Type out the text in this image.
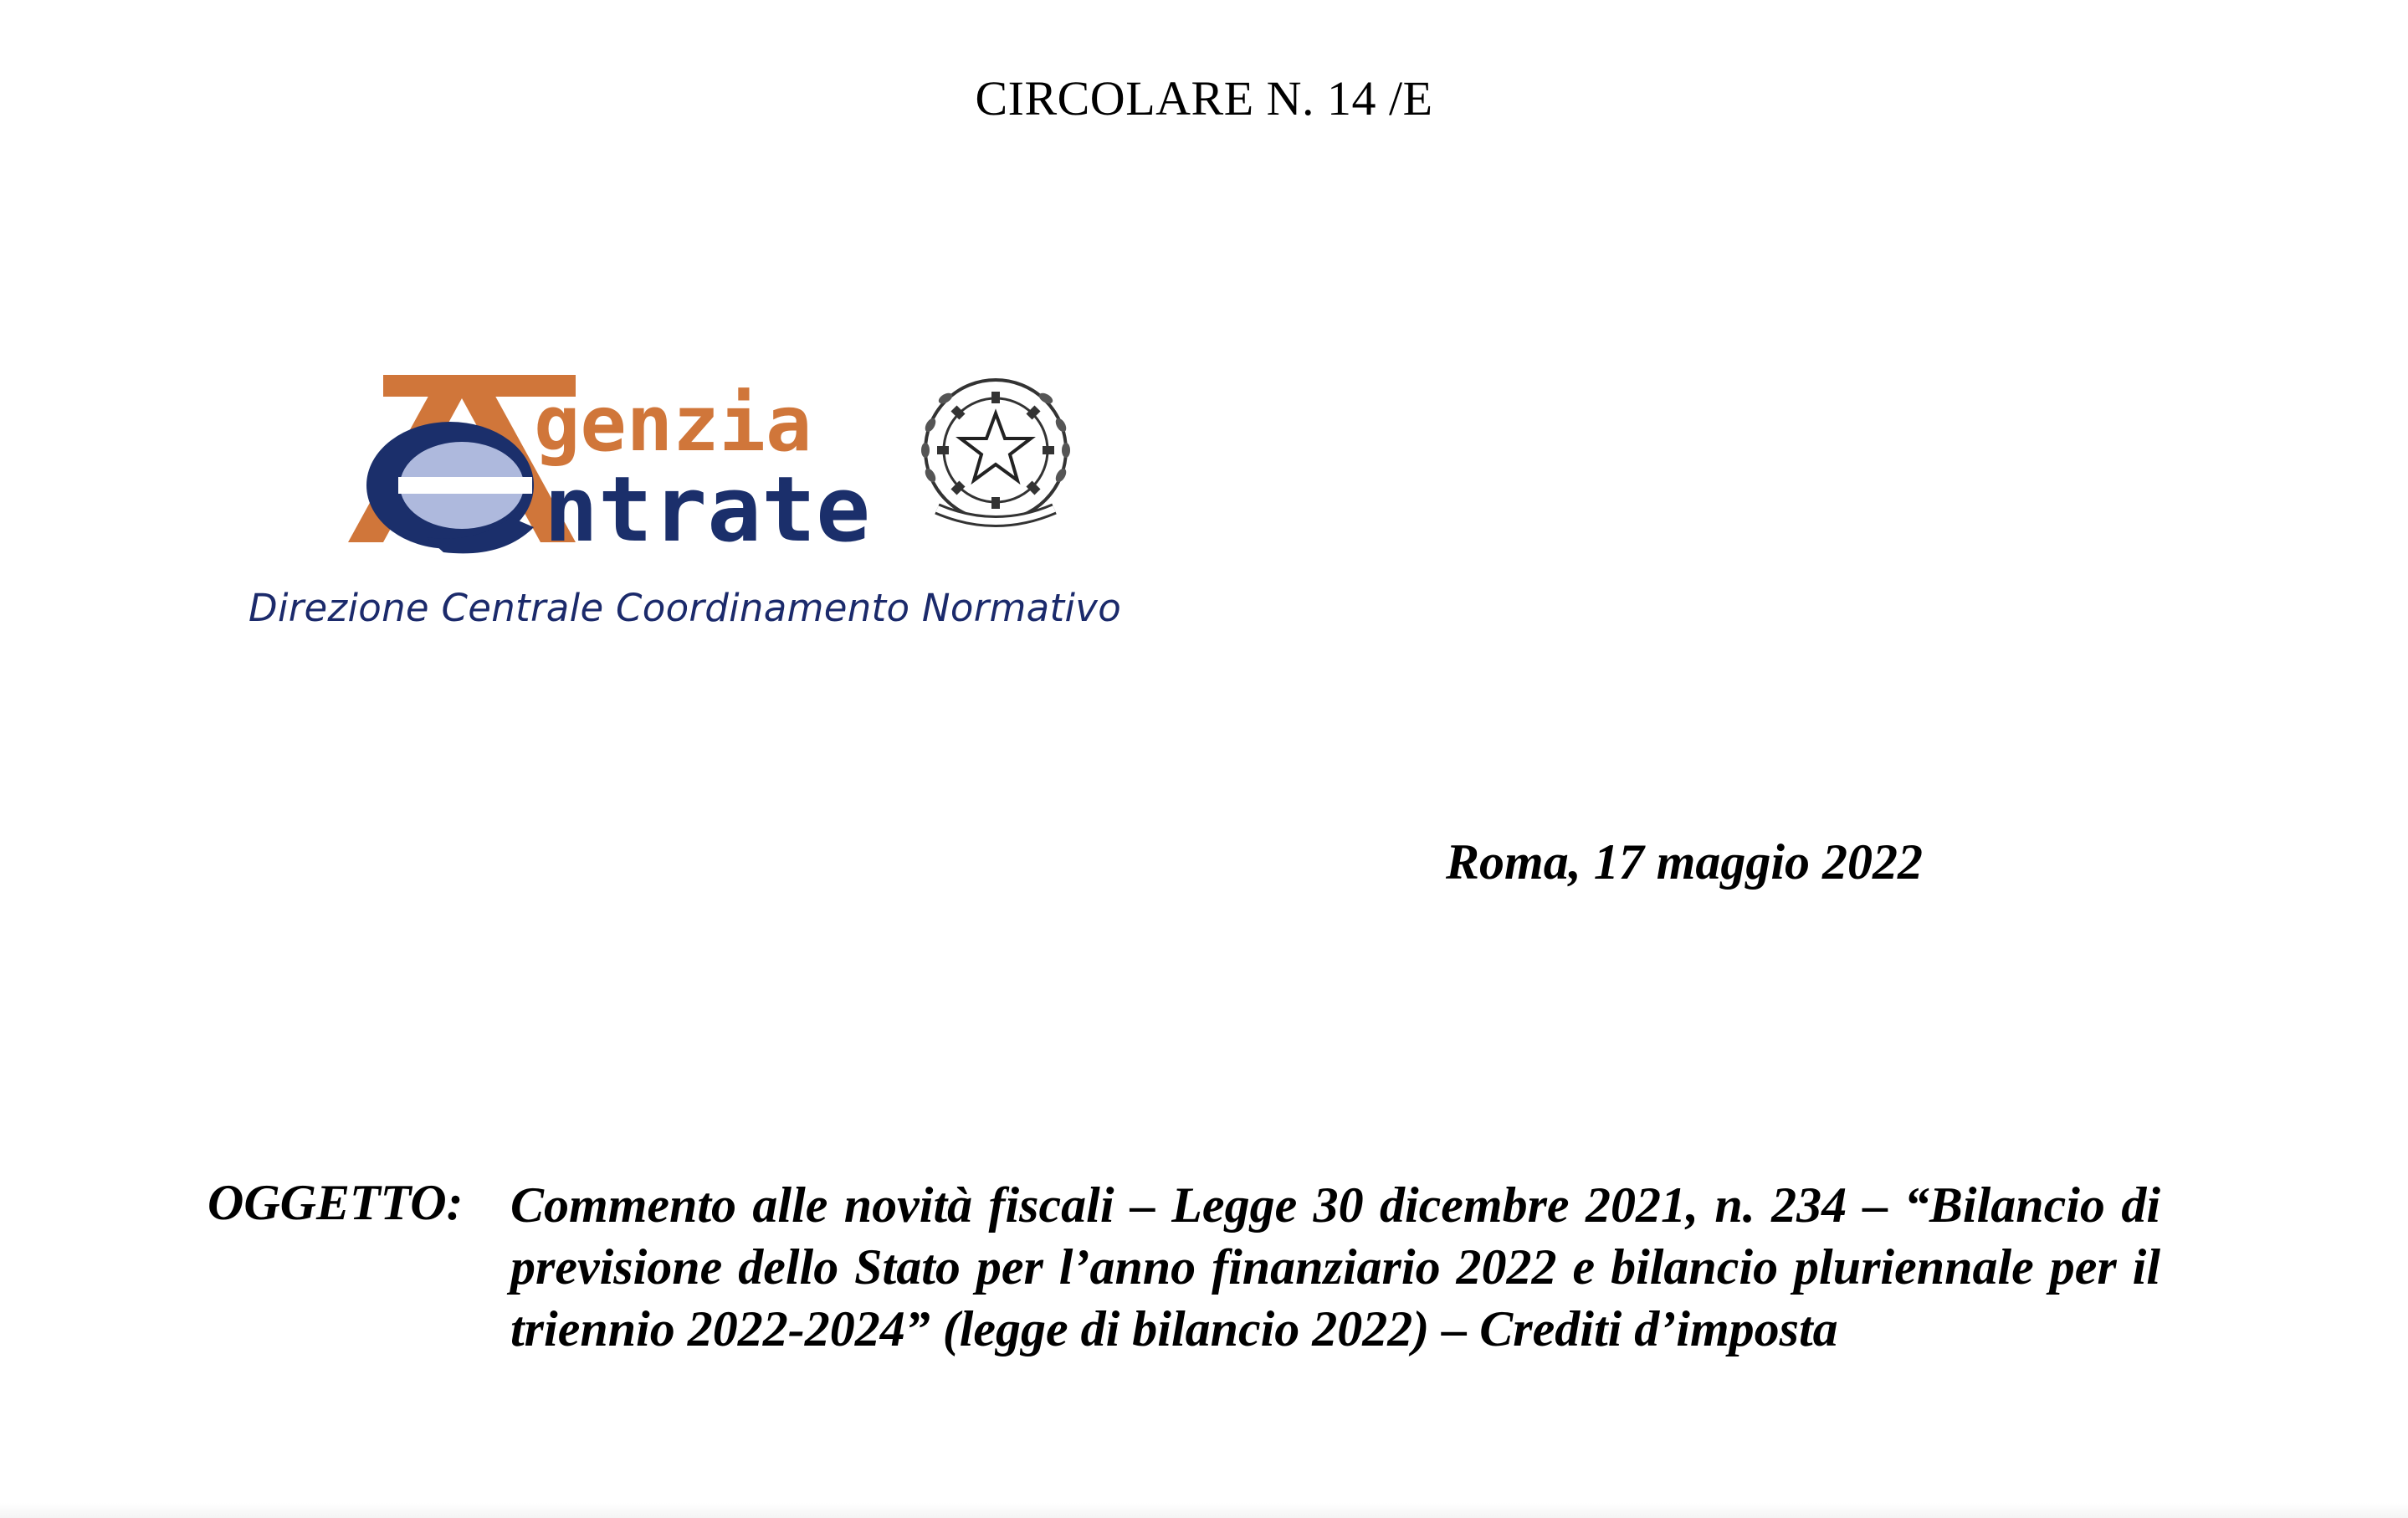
CIRCOLARE N. 14 /E
genzia
ntrate
Direzione Centrale Coordinamento Normativo
Roma, 17 maggio 2022
OGGETTO: Commento alle novità fiscali – Legge 30 dicembre 2021, n. 234 – “Bilancio di previsione dello Stato per l’anno finanziario 2022 e bilancio pluriennale per il triennio 2022-2024” (legge di bilancio 2022) – Crediti d’imposta
